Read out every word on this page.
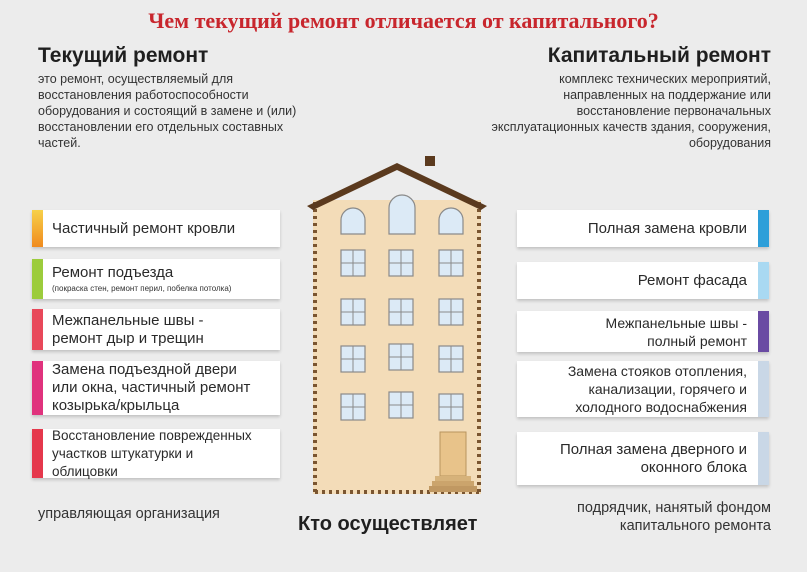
Чем текущий ремонт отличается от капитального?
Текущий ремонт
это ремонт, осуществляемый для восстановления работоспособности оборудования и состоящий в замене и (или) восстановлении его отдельных составных частей.
Капитальный ремонт
комплекс технических мероприятий, направленных на поддержание или восстановление первоначальных эксплуатационных качеств здания, сооружения, оборудования
Частичный ремонт кровли
Ремонт подъезда
(покраска стен, ремонт перил, побелка потолка)
Межпанельные швы - ремонт дыр и трещин
Замена подъездной двери или окна, частичный ремонт козырька/крыльца
Восстановление поврежденных участков штукатурки и облицовки
Полная замена кровли
Ремонт фасада
Межпанельные швы - полный ремонт
Замена стояков отопления, канализации, горячего и холодного водоснабжения
Полная замена дверного и оконного блока
управляющая организация	Кто осуществляет
подрядчик, нанятый фондом капитального ремонта
